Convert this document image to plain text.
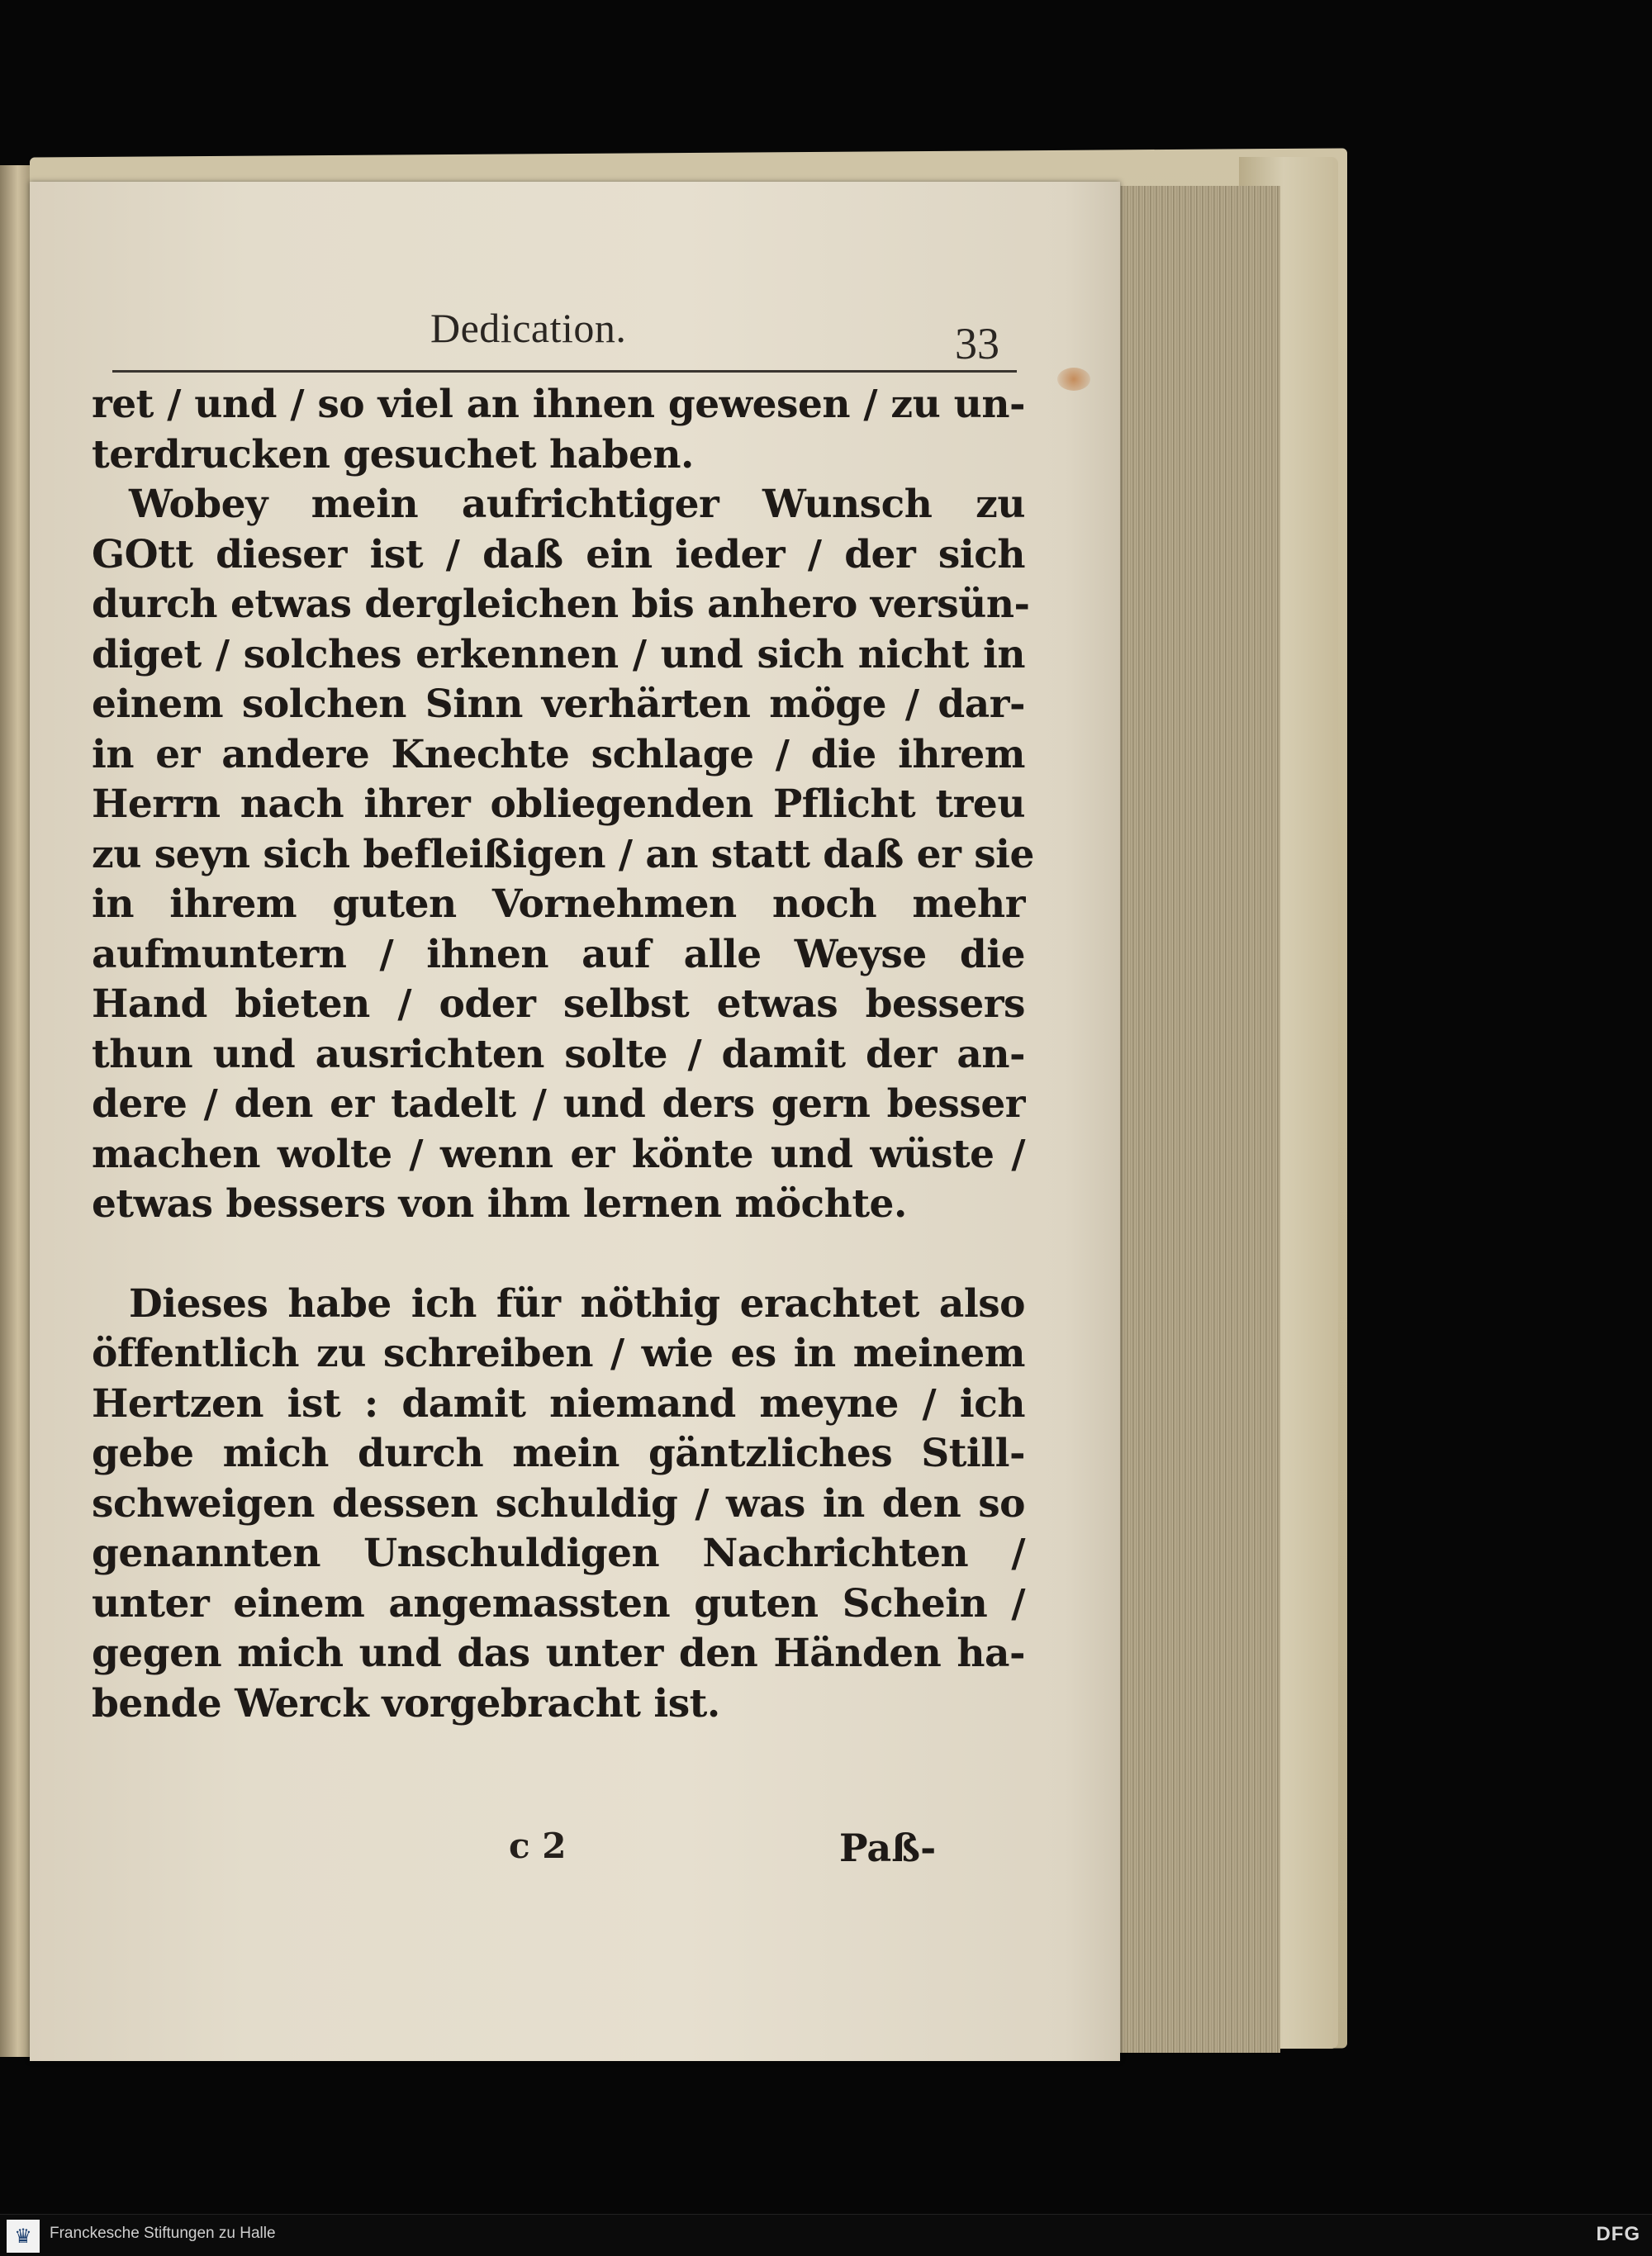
Dedication.	33
ret / und / so viel an ihnen gewesen / zu un-
terdrucken gesuchet haben.
Wobey mein aufrichtiger Wunsch zu
GOtt dieser ist / daß ein ieder / der sich
durch etwas dergleichen bis anhero versün-
diget / solches erkennen / und sich nicht in
einem solchen Sinn verhärten möge / dar-
in er andere Knechte schlage / die ihrem
Herrn nach ihrer obliegenden Pflicht treu
zu seyn sich befleißigen / an statt daß er sie
in ihrem guten Vornehmen noch mehr
aufmuntern / ihnen auf alle Weyse die
Hand bieten / oder selbst etwas bessers
thun und ausrichten solte / damit der an-
dere / den er tadelt / und ders gern besser
machen wolte / wenn er könte und wüste /
etwas bessers von ihm lernen möchte.
Dieses habe ich für nöthig erachtet also
öffentlich zu schreiben / wie es in meinem
Hertzen ist : damit niemand meyne / ich
gebe mich durch mein gäntzliches Still-
schweigen dessen schuldig / was in den so
genannten Unschuldigen Nachrichten /
unter einem angemassten guten Schein /
gegen mich und das unter den Händen ha-
bende Werck vorgebracht ist.
c 2	Paß-
♛	Franckesche Stiftungen zu Halle	DFG
